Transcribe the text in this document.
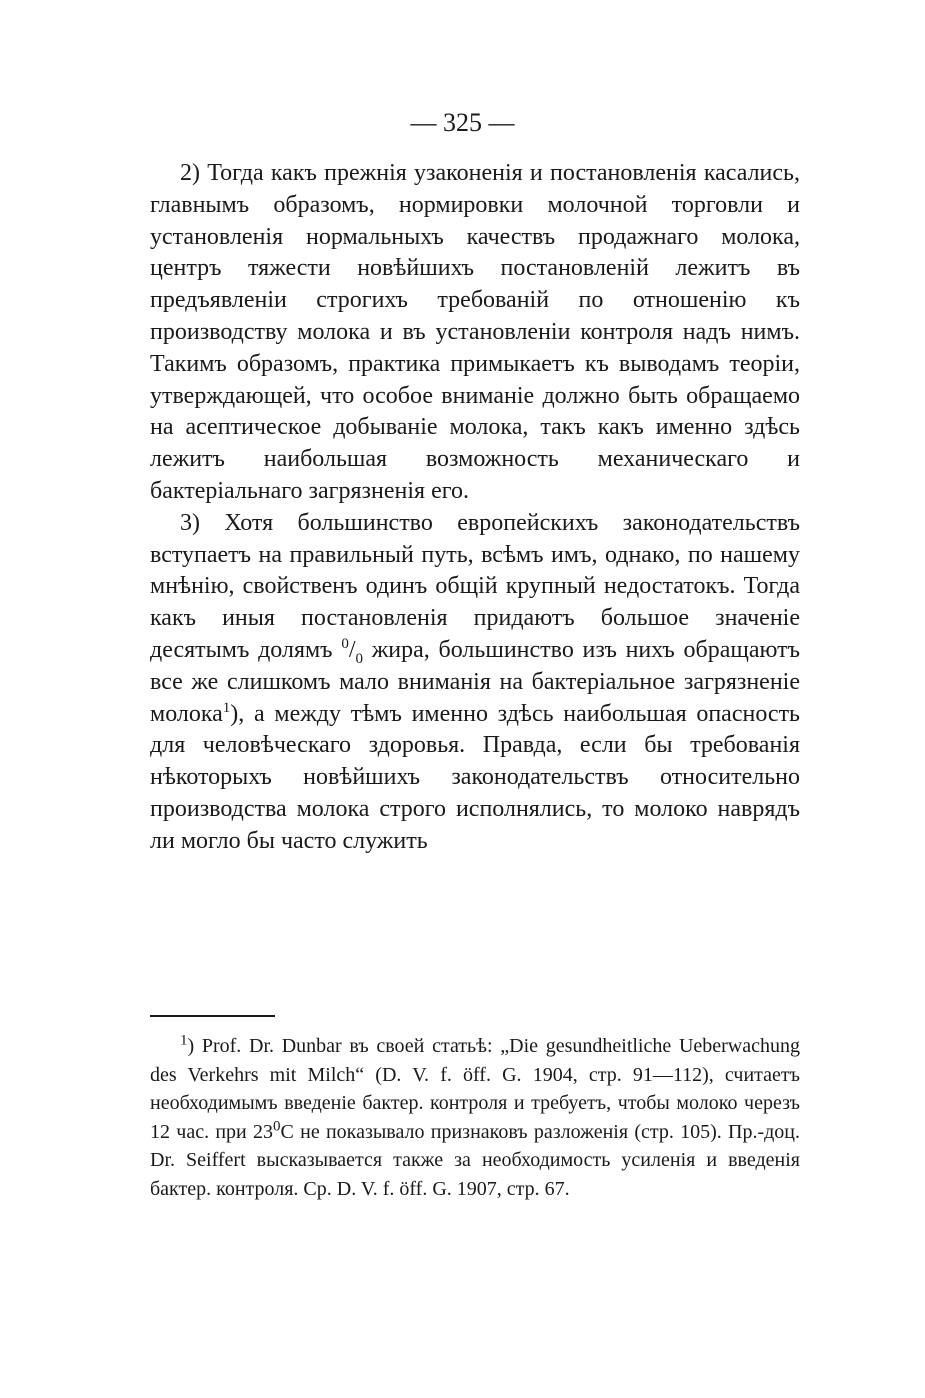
— 325 —

2) Тогда какъ прежнія узаконенія и постановленія касались, главнымъ образомъ, нормировки молочной торговли и установленія нормальныхъ качествъ продажнаго молока, центръ тяжести новѣйшихъ постановленій лежитъ въ предъявленіи строгихъ требованій по отношенію къ производству молока и въ установленіи контроля надъ нимъ. Такимъ образомъ, практика примыкаетъ къ выводамъ теоріи, утверждающей, что особое вниманіе должно быть обращаемо на асептическое добываніе молока, такъ какъ именно здѣсь лежитъ наибольшая возможность механическаго и бактеріальнаго загрязненія его.

3) Хотя большинство европейскихъ законодательствъ вступаетъ на правильный путь, всѣмъ имъ, однако, по нашему мнѣнію, свойственъ одинъ общій крупный недостатокъ. Тогда какъ иныя постановленія придаютъ большое значеніе десятымъ долямъ $^0/_0$ жира, большинство изъ нихъ обращаютъ все же слишкомъ мало вниманія на бактеріальное загрязненіе молока$^1$), а между тѣмъ именно здѣсь наибольшая опасность для человѣческаго здоровья. Правда, если бы требованія нѣкоторыхъ новѣйшихъ законодательствъ относительно производства молока строго исполнялись, то молоко наврядъ ли могло бы часто служить

$^1$) Prof. Dr. Dunbar въ своей статьѣ: „Die gesundheitliche Ueberwachung des Verkehrs mit Milch“ (D. V. f. öff. G. 1904, стр. 91—112), считаетъ необходимымъ введеніе бактер. контроля и требуетъ, чтобы молоко черезъ 12 час. при $23^0С$ не показывало признаковъ разложенія (стр. 105). Пр.-доц. Dr. Seiffert высказывается также за необходимость усиленія и введенія бактер. контроля. Ср. D. V. f. öff. G. 1907, стр. 67.
